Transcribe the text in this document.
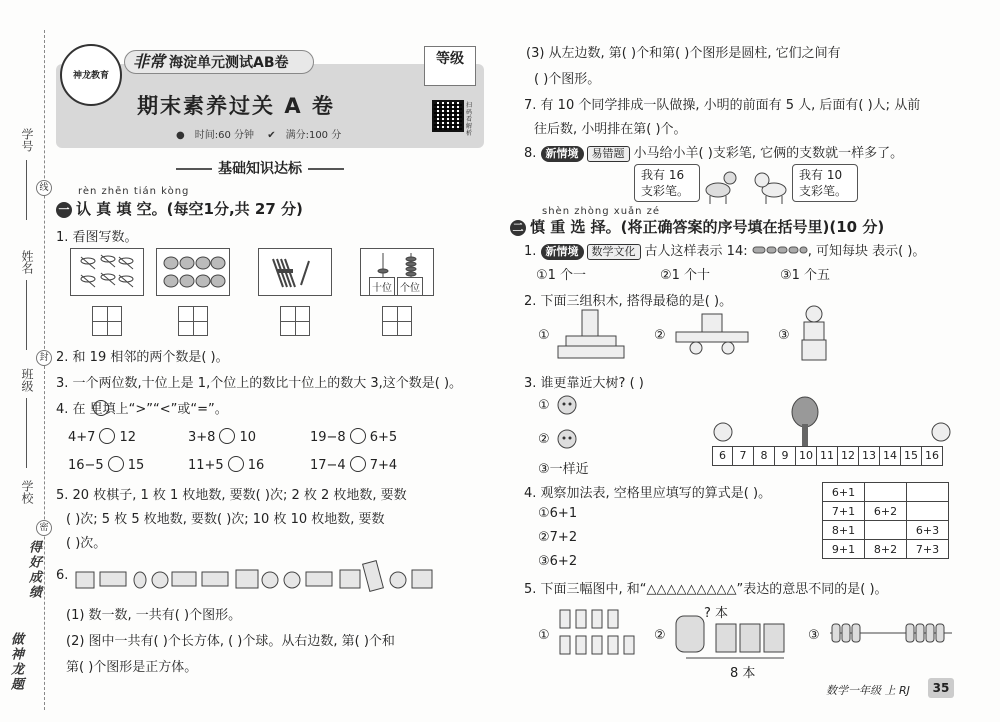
学号
姓名
班级
学校
线
封
密
做神龙题
得好成绩
神龙教育
非常 海淀单元测试AB卷	等级
期末素养过关 A 卷
● 时间:60 分钟 ✔ 满分:100 分
扫码看解析
基础知识达标
rèn zhēn tián kòng
一 认 真 填 空。(每空1分,共 27 分)
1. 看图写数。
十位 个位
2. 和 19 相邻的两个数是( )。
3. 一个两位数,十位上是 1,个位上的数比十位上的数大 3,这个数是( )。
4. 在 里填上“>”“<”或“=”。
4+7 12	3+8 10	19−8 6+5
16−5 15	11+5 16	17−4 7+4
5. 20 枚棋子, 1 枚 1 枚地数, 要数( )次; 2 枚 2 枚地数, 要数
( )次; 5 枚 5 枚地数, 要数( )次; 10 枚 10 枚地数, 要数
( )次。
6.
(1) 数一数, 一共有( )个图形。
(2) 图中一共有( )个长方体, ( )个球。从右边数, 第( )个和
第( )个图形是正方体。
(3) 从左边数, 第( )个和第( )个图形是圆柱, 它们之间有
( )个图形。
7. 有 10 个同学排成一队做操, 小明的前面有 5 人, 后面有( )人; 从前
往后数, 小明排在第( )个。
8. 新情境 易错题 小马给小羊( )支彩笔, 它俩的支数就一样多了。
我有 16 支彩笔。
我有 10 支彩笔。
shèn zhòng xuǎn zé
二 慎 重 选 择。(将正确答案的序号填在括号里)(10 分)
1. 新情境 数学文化 古人这样表示 14:	, 可知每块 表示( )。
①1 个一	②1 个十	③1 个五
2. 下面三组积木, 搭得最稳的是( )。
①	②	③
3. 谁更靠近大树? ( )
①
②
③一样近
6	7	8	9 10 11 12 13 14 15 16
4. 观察加法表, 空格里应填写的算式是( )。
①6+1
②7+2
③6+2
6+1		
7+1	6+2	
8+1		6+3
9+1	8+2	7+3
5. 下面三幅图中, 和“△△△△△△△△△”表达的意思不同的是( )。
①	②
? 本
8 本
③
数学一年级 上 RJ	35
